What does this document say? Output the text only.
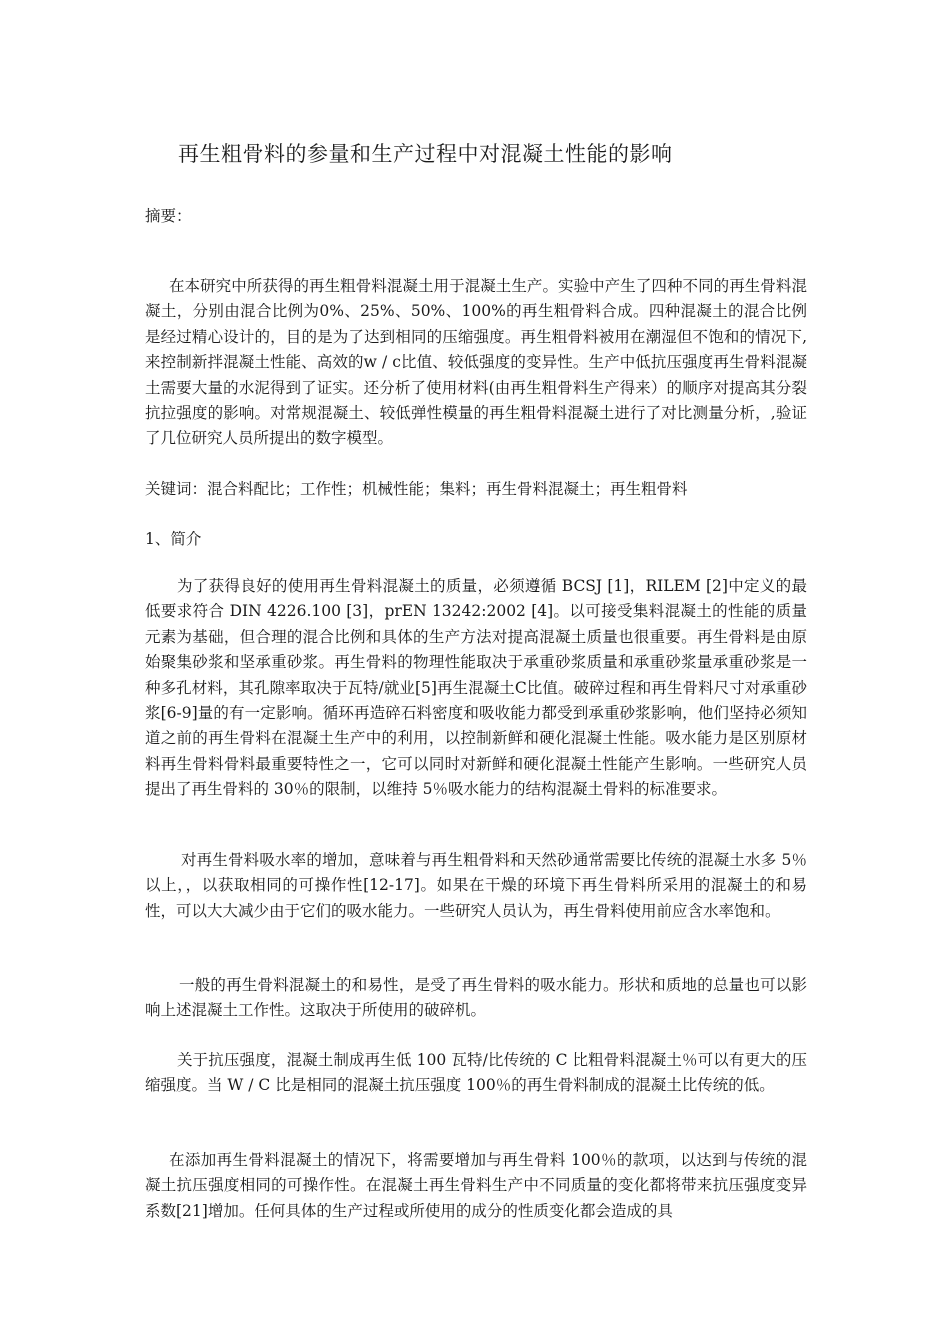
再生粗骨料的参量和生产过程中对混凝土性能的影响
摘要：
在本研究中所获得的再生粗骨料混凝土用于混凝土生产。实验中产生了四种不同的再生骨料混凝土，分别由混合比例为0%、25%、50%、100%的再生粗骨料合成。四种混凝土的混合比例是经过精心设计的，目的是为了达到相同的压缩强度。再生粗骨料被用在潮湿但不饱和的情况下,来控制新拌混凝土性能、高效的w / c比值、较低强度的变异性。生产中低抗压强度再生骨料混凝土需要大量的水泥得到了证实。还分析了使用材料(由再生粗骨料生产得来）的顺序对提高其分裂抗拉强度的影响。对常规混凝土、较低弹性模量的再生粗骨料混凝土进行了对比测量分析，,验证了几位研究人员所提出的数字模型。
关键词：混合料配比；工作性；机械性能；集料；再生骨料混凝土；再生粗骨料
1、简介
为了获得良好的使用再生骨料混凝土的质量，必须遵循 BCSJ [1]，RILEM [2]中定义的最低要求符合 DIN 4226.100 [3]，prEN 13242:2002 [4]。以可接受集料混凝土的性能的质量元素为基础，但合理的混合比例和具体的生产方法对提高混凝土质量也很重要。再生骨料是由原始聚集砂浆和坚承重砂浆。再生骨料的物理性能取决于承重砂浆质量和承重砂浆量承重砂浆是一种多孔材料，其孔隙率取决于瓦特/就业[5]再生混凝土C比值。破碎过程和再生骨料尺寸对承重砂浆[6-9]量的有一定影响。循环再造碎石料密度和吸收能力都受到承重砂浆影响，他们坚持必须知道之前的再生骨料在混凝土生产中的利用，以控制新鲜和硬化混凝土性能。吸水能力是区别原材料再生骨料骨料最重要特性之一，它可以同时对新鲜和硬化混凝土性能产生影响。一些研究人员提出了再生骨料的 30％的限制，以维持 5％吸水能力的结构混凝土骨料的标准要求。
对再生骨料吸水率的增加，意味着与再生粗骨料和天然砂通常需要比传统的混凝土水多 5％以上，，以获取相同的可操作性[12-17]。如果在干燥的环境下再生骨料所采用的混凝土的和易性，可以大大减少由于它们的吸水能力。一些研究人员认为，再生骨料使用前应含水率饱和。
一般的再生骨料混凝土的和易性，是受了再生骨料的吸水能力。形状和质地的总量也可以影响上述混凝土工作性。这取决于所使用的破碎机。
关于抗压强度，混凝土制成再生低 100 瓦特/比传统的 C 比粗骨料混凝土％可以有更大的压缩强度。当 W / C 比是相同的混凝土抗压强度 100％的再生骨料制成的混凝土比传统的低。
在添加再生骨料混凝土的情况下，将需要增加与再生骨料 100％的款项，以达到与传统的混凝土抗压强度相同的可操作性。在混凝土再生骨料生产中不同质量的变化都将带来抗压强度变异系数[21]增加。任何具体的生产过程或所使用的成分的性质变化都会造成的具
